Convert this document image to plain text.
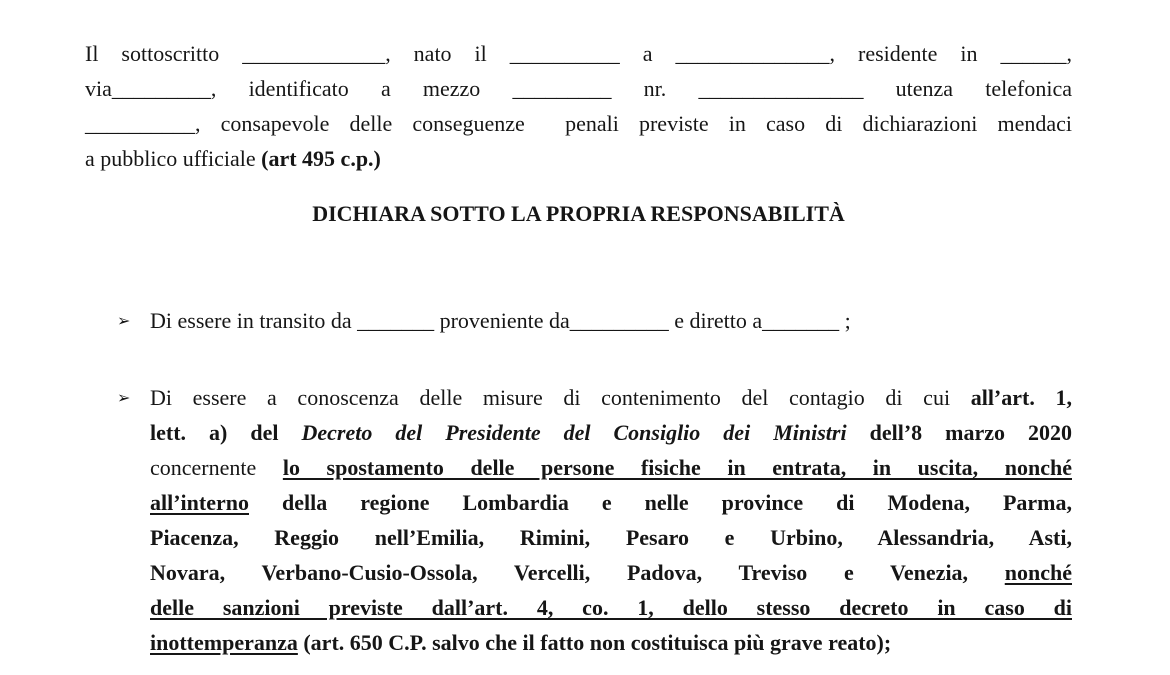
Il sottoscritto _____________, nato il __________ a ______________, residente in ______,
via_________, identificato a mezzo _________ nr. _______________ utenza telefonica
__________, consapevole delle conseguenze  penali previste in caso di dichiarazioni mendaci
a pubblico ufficiale (art 495 c.p.)
DICHIARA SOTTO LA PROPRIA RESPONSABILITÀ
➢ Di essere in transito da _______ proveniente da_________ e diretto a_______ ;
➢ Di essere a conoscenza delle misure di contenimento del contagio di cui all’art. 1,
lett. a) del Decreto del Presidente del Consiglio dei Ministri dell’8 marzo 2020
concernente lo spostamento delle persone fisiche in entrata, in uscita, nonché
all’interno della regione Lombardia e nelle province di Modena, Parma,
Piacenza, Reggio nell’Emilia, Rimini, Pesaro e Urbino, Alessandria, Asti,
Novara, Verbano-Cusio-Ossola, Vercelli, Padova, Treviso e Venezia, nonché
delle sanzioni previste dall’art. 4, co. 1, dello stesso decreto in caso di
inottemperanza (art. 650 C.P. salvo che il fatto non costituisca più grave reato);
